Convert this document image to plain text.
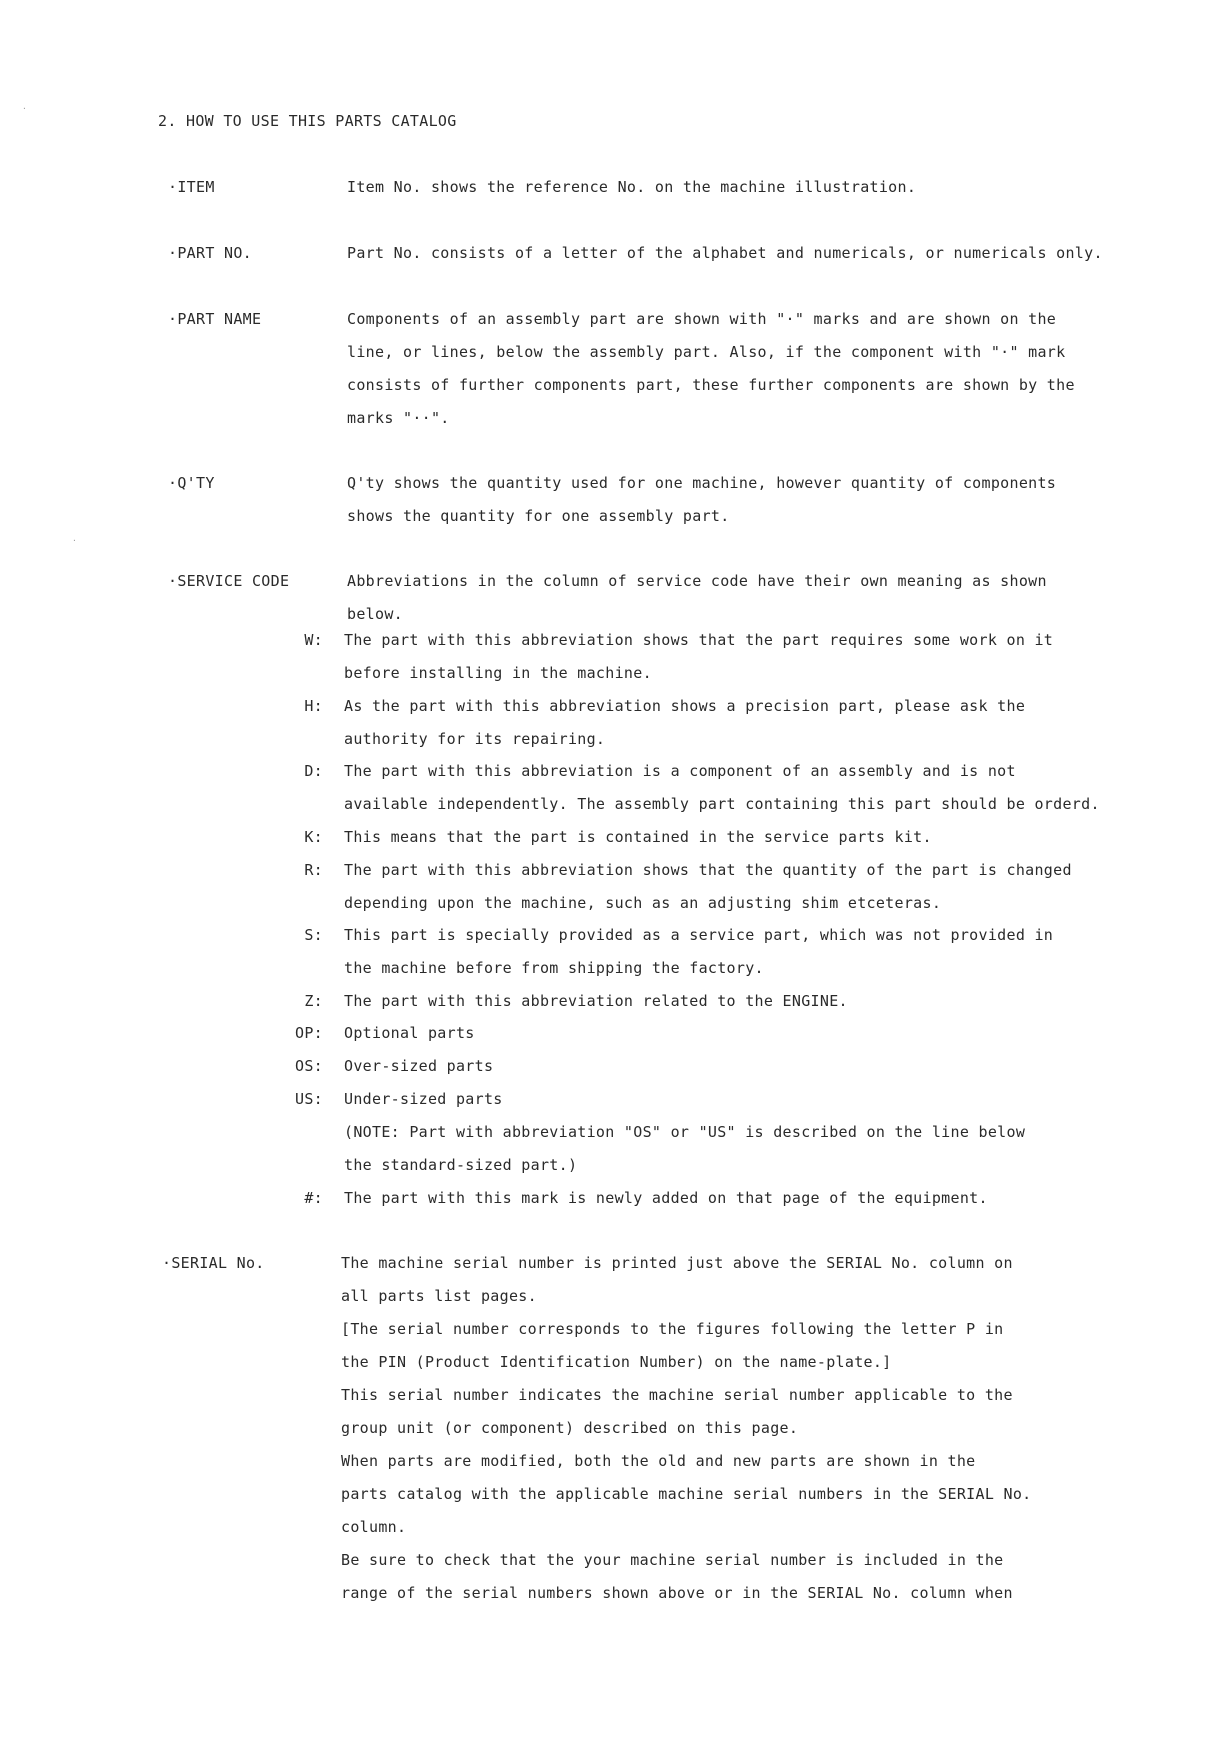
2. HOW TO USE THIS PARTS CATALOG
·ITEM	Item No. shows the reference No. on the machine illustration.
·PART NO.	Part No. consists of a letter of the alphabet and numericals, or numericals only.
·PART NAME	Components of an assembly part are shown with "·" marks and are shown on the
line, or lines, below the assembly part. Also, if the component with "·" mark
consists of further components part, these further components are shown by the
marks "··".
·Q'TY	Q'ty shows the quantity used for one machine, however quantity of components
shows the quantity for one assembly part.
·SERVICE CODE	Abbreviations in the column of service code have their own meaning as shown
below.
W: The part with this abbreviation shows that the part requires some work on it
before installing in the machine.
H: As the part with this abbreviation shows a precision part, please ask the
authority for its repairing.
D: The part with this abbreviation is a component of an assembly and is not
available independently. The assembly part containing this part should be orderd.
K: This means that the part is contained in the service parts kit.
R: The part with this abbreviation shows that the quantity of the part is changed
depending upon the machine, such as an adjusting shim etceteras.
S: This part is specially provided as a service part, which was not provided in
the machine before from shipping the factory.
Z: The part with this abbreviation related to the ENGINE.
OP: Optional parts
OS: Over-sized parts
US: Under-sized parts
(NOTE: Part with abbreviation "OS" or "US" is described on the line below
the standard-sized part.)
#: The part with this mark is newly added on that page of the equipment.
·SERIAL No.	The machine serial number is printed just above the SERIAL No. column on
all parts list pages.
[The serial number corresponds to the figures following the letter P in
the PIN (Product Identification Number) on the name-plate.]
This serial number indicates the machine serial number applicable to the
group unit (or component) described on this page.
When parts are modified, both the old and new parts are shown in the
parts catalog with the applicable machine serial numbers in the SERIAL No.
column.
Be sure to check that the your machine serial number is included in the
range of the serial numbers shown above or in the SERIAL No. column when
·
·
